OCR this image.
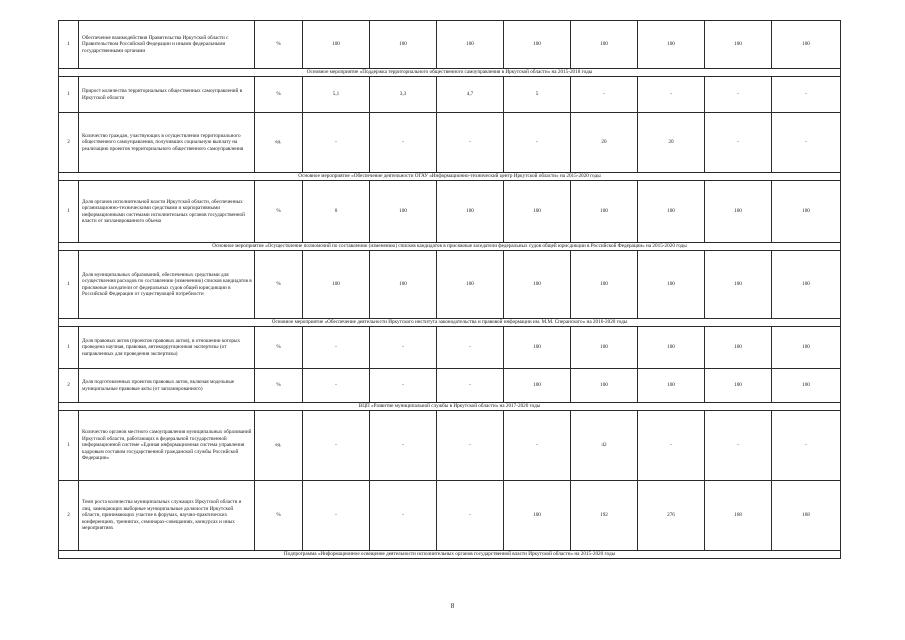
1	Обеспечение взаимодействия Правительства Иркутской области с Правительством Российской Федерации и иными федеральными государственными органами	%	100	100	100	100	100	100	100	100
Основное мероприятие «Поддержка территориального общественного самоуправления в Иркутской области» на 2015-2018 годы										
1	Прирост количества территориальных общественных самоуправлений в Иркутской области	%	5,1	3,3	4,7	5	-	-	-	-
2	Количество граждан, участвующих в осуществлении территориального общественного самоуправления, получивших социальную выплату на реализацию проектов территориального общественного самоуправления	ед.	-	-	-	-	20	20	-	-
Основное мероприятие «Обеспечение деятельности ОГАУ «Информационно-технический центр Иркутской области» на 2015-2020 годы										
1	Доля органов исполнительной власти Иркутской области, обеспеченных организационно-техническими средствами и корпоративными информационными системами исполнительных органов государственной власти от запланированного объема	%	0	100	100	100	100	100	100	100
Основное мероприятие «Осуществление полномочий по составлению (изменению) списков кандидатов в присяжные заседатели федеральных судов общей юрисдикции в Российской Федерации» на 2015-2020 годы										
1	Доля муниципальных образований, обеспеченных средствами для осуществления расходов по составлению (изменению) списков кандидатов в присяжные заседатели от федеральных судов общей юрисдикции в Российской Федерации от существующей потребности	%	100	100	100	100	100	100	100	100
Основное мероприятие «Обеспечение деятельности Иркутского института законодательства и правовой информации им. М.М. Сперанского» на 2016-2020 годы										
1	Доля правовых актов (проектов правовых актов), в отношении которых проведена научная, правовая, антикоррупционная экспертизы (от направленных для проведения экспертизы)	%	-	-	-	100	100	100	100	100
2	Доля подготовленных проектов правовых актов, включая модельные муниципальные правовые акты (от запланированного)	%	-	-	-	100	100	100	100	100
ВЦП «Развитие муниципальной службы в Иркутской области» на 2017-2020 годы										
1	Количество органов местного самоуправления муниципальных образований Иркутской области, работающих в федеральной государственной информационной системе «Единая информационная система управления кадровым составом государственной гражданской службы Российской Федерации»	ед.	-	-	-	-	42	-	-	-
2	Темп роста количества муниципальных служащих Иркутской области и лиц, замещающих выборные муниципальные должности Иркутской области, принимающих участие в форумах, научно-практических конференциях, тренингах, семинарах-совещаниях, конкурсах и иных мероприятиях	%	-	-	-	100	192	276	168	168
Подпрограмма «Информационное освещение деятельности исполнительных органов государственной власти Иркутской области» на 2015-2020 годы										
8
